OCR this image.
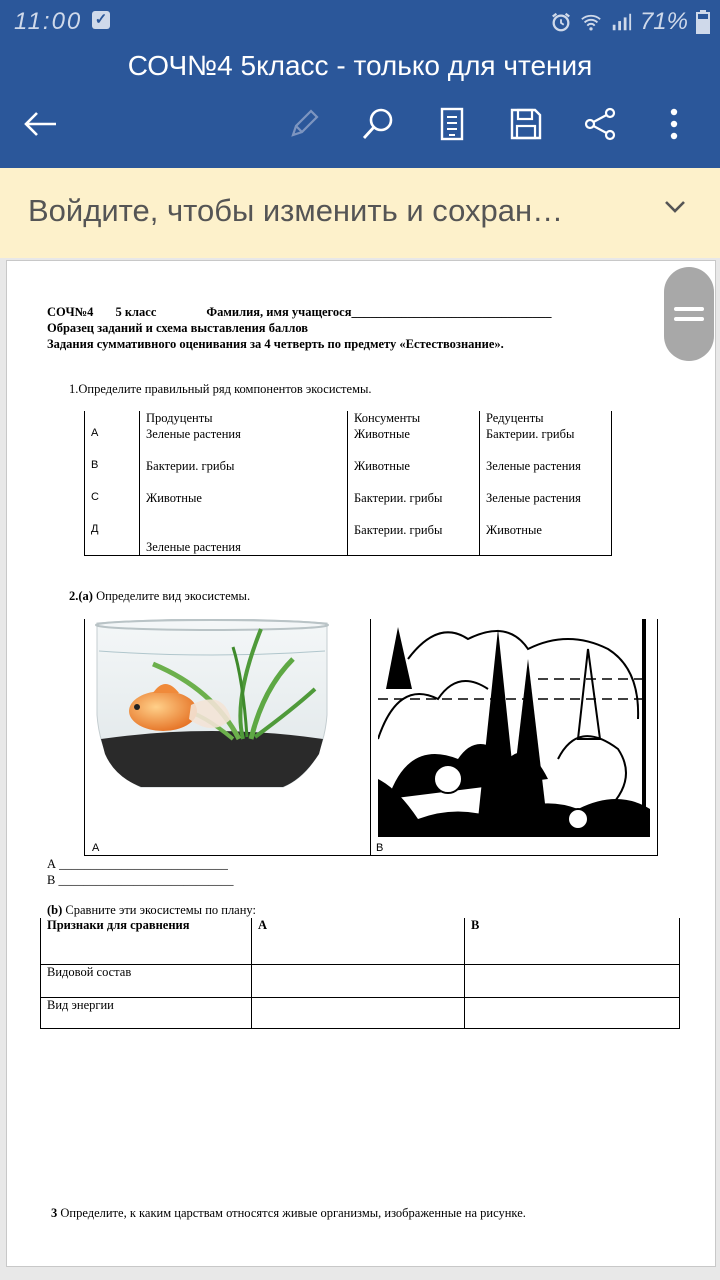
11:00 ✓	71%
СОЧ№4 5класс - только для чтения
Войдите, чтобы изменить и сохран…
СОЧ№4 5 класс	Фамилия, имя учащегося________________________________
Образец заданий и схема выставления баллов
Задания суммативного оценивания за 4 четверть по предмету «Естествознание».
1.Определите правильный ряд компонентов экосистемы.
	Продуценты	Консументы	Редуценты
А	Зеленые растения	Животные	Бактерии. грибы
В	Бактерии. грибы	Животные	Зеленые растения
С	Животные	Бактерии. грибы	Зеленые растения
Д	Зеленые растения	Бактерии. грибы	Животные
2.(а) Определите вид экосистемы.
А	В
А ___________________________
В ____________________________
(b) Сравните эти экосистемы по плану:
Признаки для сравнения	А	В
Видовой состав		
Вид энергии		
3 Определите, к каким царствам относятся живые организмы, изображенные на рисунке.
